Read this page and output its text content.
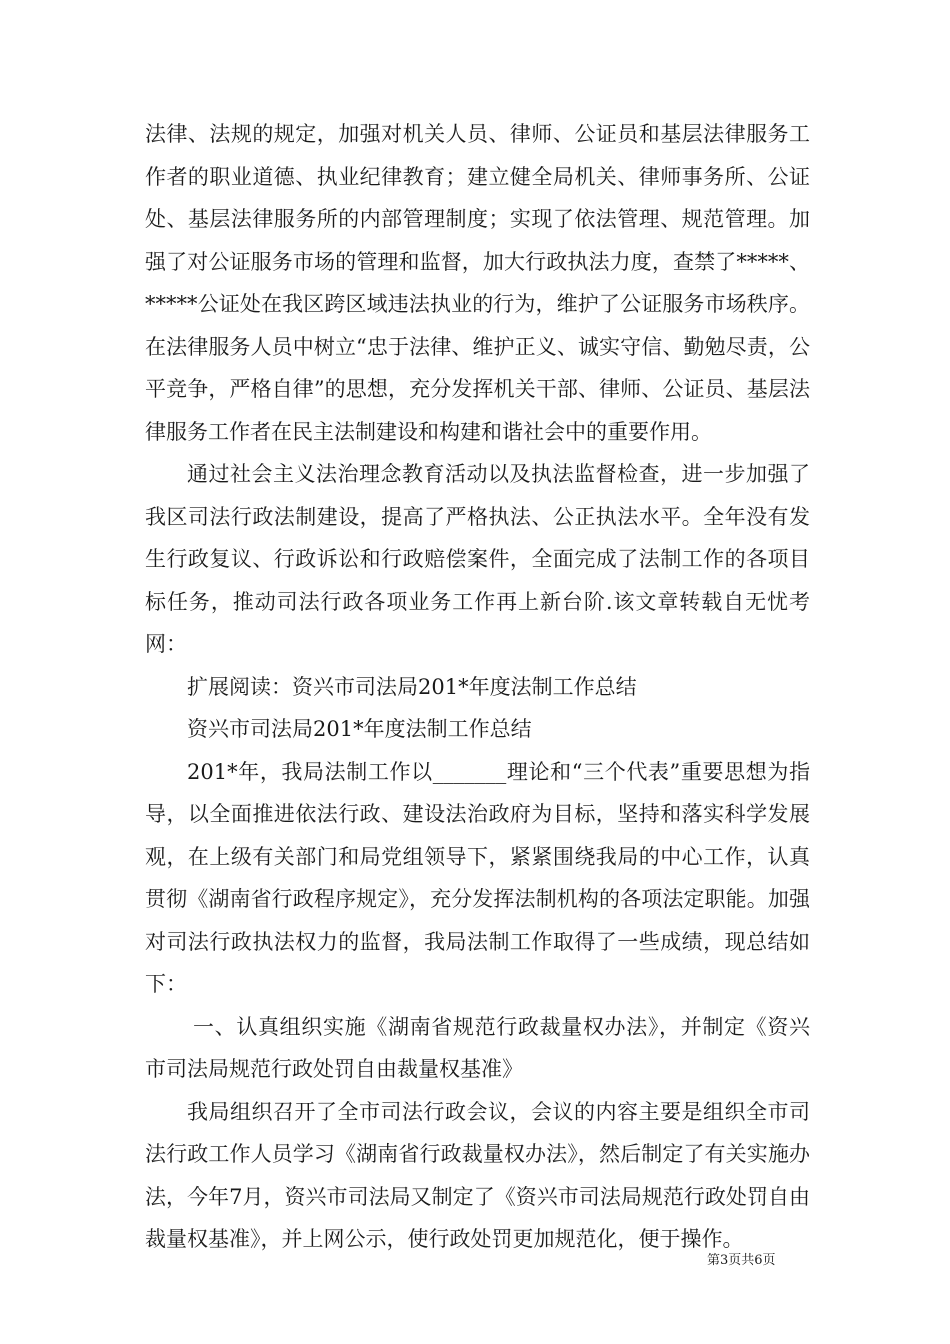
法律、法规的规定，加强对机关人员、律师、公证员和基层法律服务工作者的职业道德、执业纪律教育；建立健全局机关、律师事务所、公证处、基层法律服务所的内部管理制度；实现了依法管理、规范管理。加强了对公证服务市场的管理和监督，加大行政执法力度，查禁了*****、*****公证处在我区跨区域违法执业的行为，维护了公证服务市场秩序。在法律服务人员中树立“忠于法律、维护正义、诚实守信、勤勉尽责，公平竞争，严格自律”的思想，充分发挥机关干部、律师、公证员、基层法律服务工作者在民主法制建设和构建和谐社会中的重要作用。

通过社会主义法治理念教育活动以及执法监督检查，进一步加强了我区司法行政法制建设，提高了严格执法、公正执法水平。全年没有发生行政复议、行政诉讼和行政赔偿案件，全面完成了法制工作的各项目标任务，推动司法行政各项业务工作再上新台阶.该文章转载自无忧考网：

扩展阅读：资兴市司法局201*年度法制工作总结

资兴市司法局201*年度法制工作总结

201*年，我局法制工作以_______理论和“三个代表”重要思想为指导，以全面推进依法行政、建设法治政府为目标，坚持和落实科学发展观，在上级有关部门和局党组领导下，紧紧围绕我局的中心工作，认真贯彻《湖南省行政程序规定》，充分发挥法制机构的各项法定职能。加强对司法行政执法权力的监督，我局法制工作取得了一些成绩，现总结如下：

一、认真组织实施《湖南省规范行政裁量权办法》，并制定《资兴市司法局规范行政处罚自由裁量权基准》

我局组织召开了全市司法行政会议，会议的内容主要是组织全市司法行政工作人员学习《湖南省行政裁量权办法》，然后制定了有关实施办法，今年7月，资兴市司法局又制定了《资兴市司法局规范行政处罚自由裁量权基准》，并上网公示，使行政处罚更加规范化，便于操作。

第3页共6页
